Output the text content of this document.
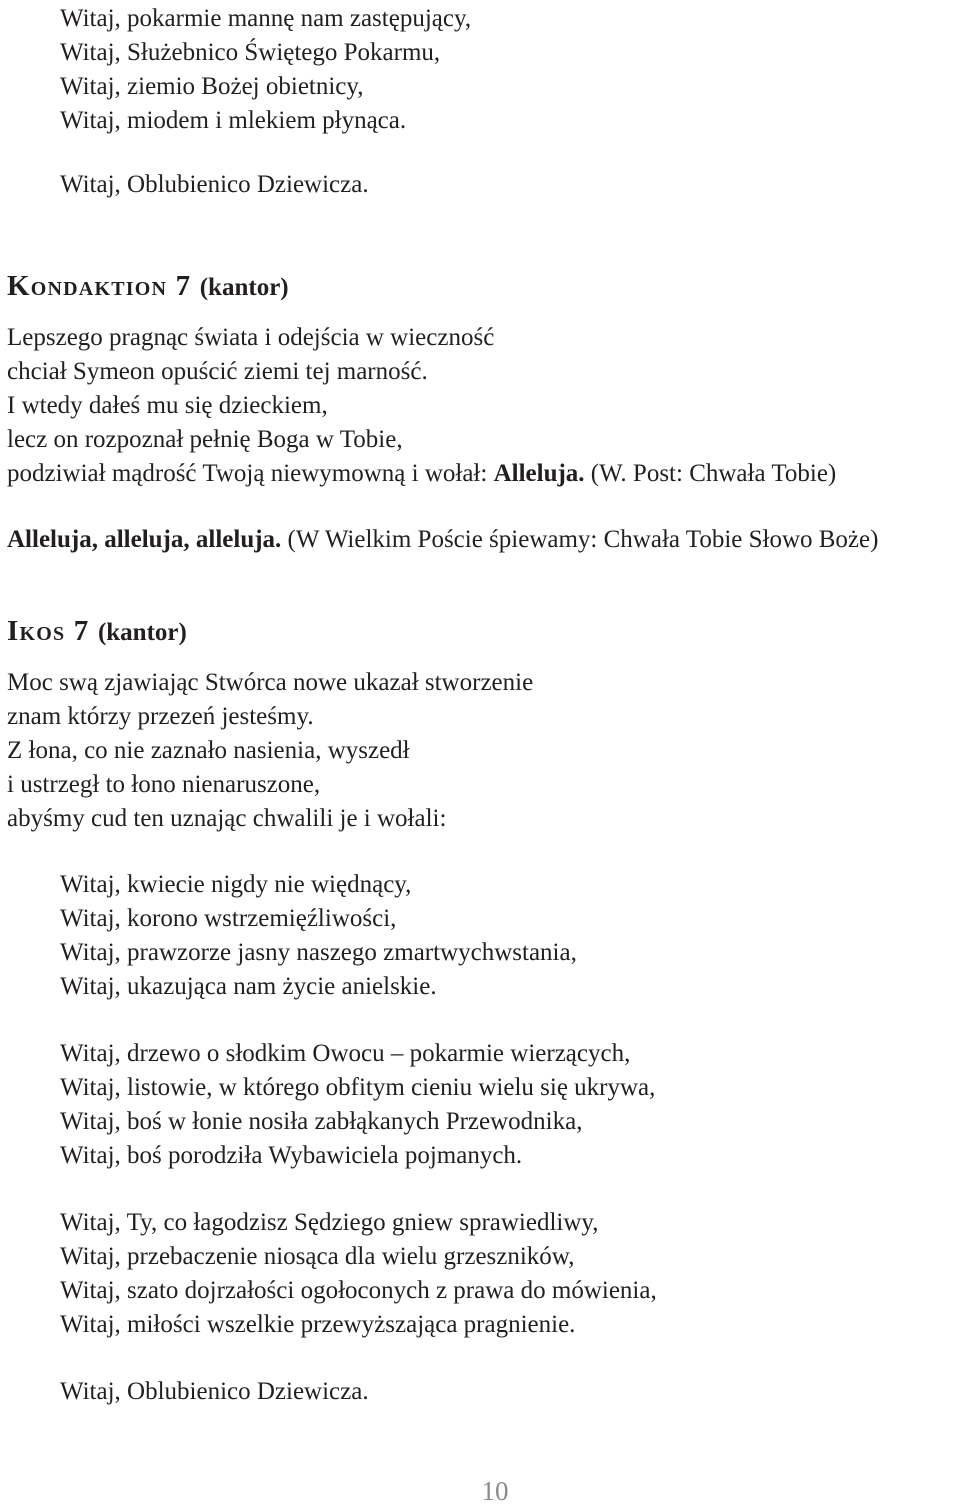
Witaj, pokarmie mannę nam zastępujący,

Witaj, Służebnico Świętego Pokarmu,

Witaj, ziemio Bożej obietnicy,

Witaj, miodem i mlekiem płynąca.

Witaj, Oblubienico Dziewicza.

Kondaktion 7 (kantor)

Lepszego pragnąc świata i odejścia w wieczność

chciał Symeon opuścić ziemi tej marność.

I wtedy dałeś mu się dzieckiem,

lecz on rozpoznał pełnię Boga w Tobie,

podziwiał mądrość Twoją niewymowną i wołał: Alleluja. (W. Post: Chwała Tobie)

Alleluja, alleluja, alleluja. (W Wielkim Poście śpiewamy: Chwała Tobie Słowo Boże)

Ikos 7 (kantor)

Moc swą zjawiając Stwórca nowe ukazał stworzenie

znam którzy przezeń jesteśmy.

Z łona, co nie zaznało nasienia, wyszedł

i ustrzegł to łono nienaruszone,

abyśmy cud ten uznając chwalili je i wołali:

Witaj, kwiecie nigdy nie więdnący,

Witaj, korono wstrzemięźliwości,

Witaj, prawzorze jasny naszego zmartwychwstania,

Witaj, ukazująca nam życie anielskie.

Witaj, drzewo o słodkim Owocu – pokarmie wierzących,

Witaj, listowie, w którego obfitym cieniu wielu się ukrywa,

Witaj, boś w łonie nosiła zabłąkanych Przewodnika,

Witaj, boś porodziła Wybawiciela pojmanych.

Witaj, Ty, co łagodzisz Sędziego gniew sprawiedliwy,

Witaj, przebaczenie niosąca dla wielu grzeszników,

Witaj, szato dojrzałości ogołoconych z prawa do mówienia,

Witaj, miłości wszelkie przewyższająca pragnienie.

Witaj, Oblubienico Dziewicza.

10
